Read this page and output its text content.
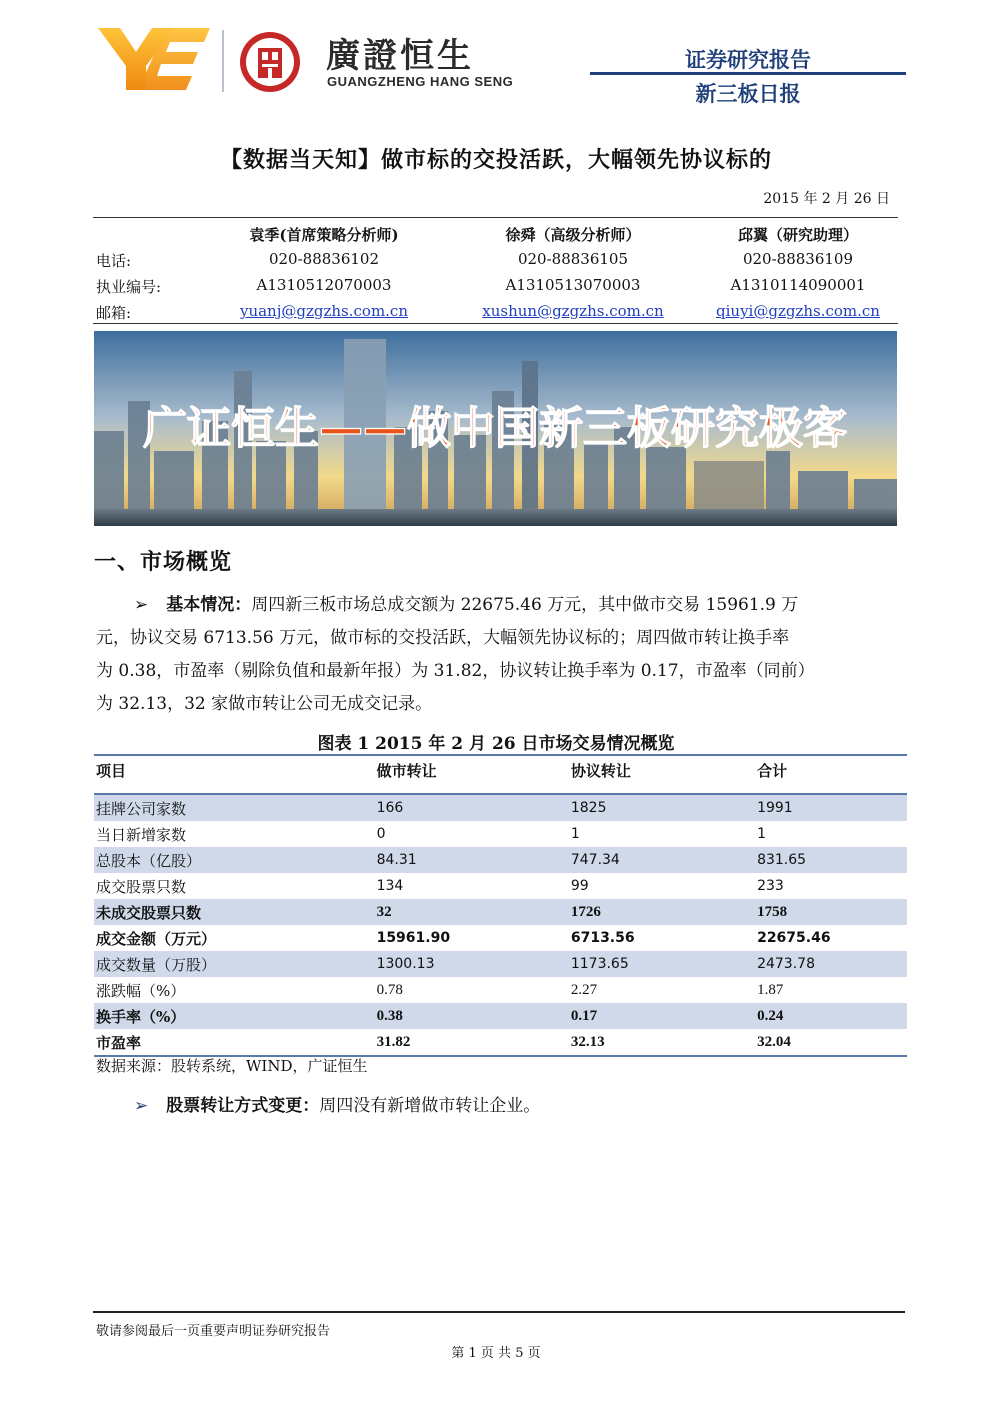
廣證恒生
GUANGZHENG HANG SENG
证券研究报告
新三板日报
【数据当天知】做市标的交投活跃，大幅领先协议标的
2015 年 2 月 26 日
袁季(首席策略分析师)	徐舜（高级分析师）	邱翼（研究助理）
电话:	020-88836102	020-88836105	020-88836109
执业编号:	A1310512070003	A1310513070003	A1310114090001
邮箱:	yuanj@gzgzhs.com.cn	xushun@gzgzhs.com.cn	qiuyi@gzgzhs.com.cn
广证恒生——做中国新三板研究极客
一、市场概览
➢ 基本情况：周四新三板市场总成交额为 22675.46 万元，其中做市交易 15961.9 万
元，协议交易 6713.56 万元，做市标的交投活跃，大幅领先协议标的；周四做市转让换手率
为 0.38，市盈率（剔除负值和最新年报）为 31.82，协议转让换手率为 0.17，市盈率（同前）
为 32.13，32 家做市转让公司无成交记录。
图表 1 2015 年 2 月 26 日市场交易情况概览
项目	做市转让	协议转让	合计
挂牌公司家数	166	1825	1991
当日新增家数	0	1	1
总股本（亿股）	84.31	747.34	831.65
成交股票只数	134	99	233
未成交股票只数	32	1726	1758
成交金额（万元）	15961.90	6713.56	22675.46
成交数量（万股）	1300.13	1173.65	2473.78
涨跌幅（%）	0.78	2.27	1.87
换手率（%）	0.38	0.17	0.24
市盈率	31.82	32.13	32.04
数据来源：股转系统，WIND，广证恒生
➢ 股票转让方式变更：周四没有新增做市转让企业。
敬请参阅最后一页重要声明证券研究报告
第 1 页 共 5 页
